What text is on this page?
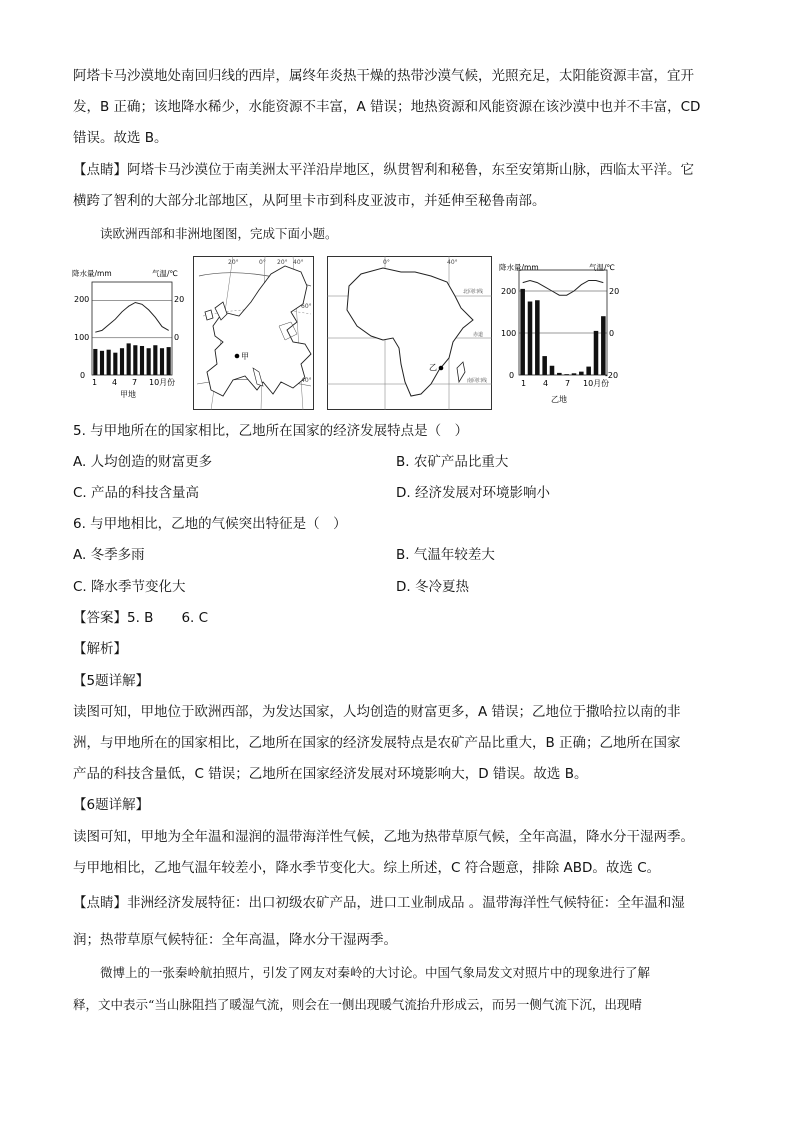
阿塔卡马沙漠地处南回归线的西岸，属终年炎热干燥的热带沙漠气候，光照充足，太阳能资源丰富，宜开
发，B 正确；该地降水稀少，水能资源不丰富，A 错误；地热资源和风能资源在该沙漠中也并不丰富，CD
错误。故选 B。
【点睛】阿塔卡马沙漠位于南美洲太平洋沿岸地区，纵贯智利和秘鲁，东至安第斯山脉，西临太平洋。它
横跨了智利的大部分北部地区，从阿里卡市到科皮亚波市，并延伸至秘鲁南部。
读欧洲西部和非洲地图图，完成下面小题。
降水量/mm	气温/℃
200
100
0
20
0
1 4 7 10月份
甲地
甲
20°	0° 20° 40°
60°
40°
乙
0°	40°
北回归线
赤道
南回归线
降水量/mm	气温/℃
200
100
0
20
0
-20
1 4 7 10月份
乙地
5. 与甲地所在的国家相比，乙地所在国家的经济发展特点是（　）
A. 人均创造的财富更多	B. 农矿产品比重大
C. 产品的科技含量高	D. 经济发展对环境影响小
6. 与甲地相比，乙地的气候突出特征是（　）
A. 冬季多雨	B. 气温年较差大
C. 降水季节变化大	D. 冬冷夏热
【答案】5. B 6. C
【解析】
【5题详解】
读图可知，甲地位于欧洲西部，为发达国家，人均创造的财富更多，A 错误；乙地位于撒哈拉以南的非
洲，与甲地所在的国家相比，乙地所在国家的经济发展特点是农矿产品比重大，B 正确；乙地所在国家
产品的科技含量低，C 错误；乙地所在国家经济发展对环境影响大，D 错误。故选 B。
【6题详解】
读图可知，甲地为全年温和湿润的温带海洋性气候，乙地为热带草原气候，全年高温，降水分干湿两季。
与甲地相比，乙地气温年较差小，降水季节变化大。综上所述，C 符合题意，排除 ABD。故选 C。
【点睛】非洲经济发展特征：出口初级农矿产品，进口工业制成品 。温带海洋性气候特征：全年温和湿
润；热带草原气候特征：全年高温，降水分干湿两季。
微博上的一张秦岭航拍照片，引发了网友对秦岭的大讨论。中国气象局发文对照片中的现象进行了解
释，文中表示“当山脉阻挡了暖湿气流，则会在一侧出现暖气流抬升形成云，而另一侧气流下沉，出现晴
